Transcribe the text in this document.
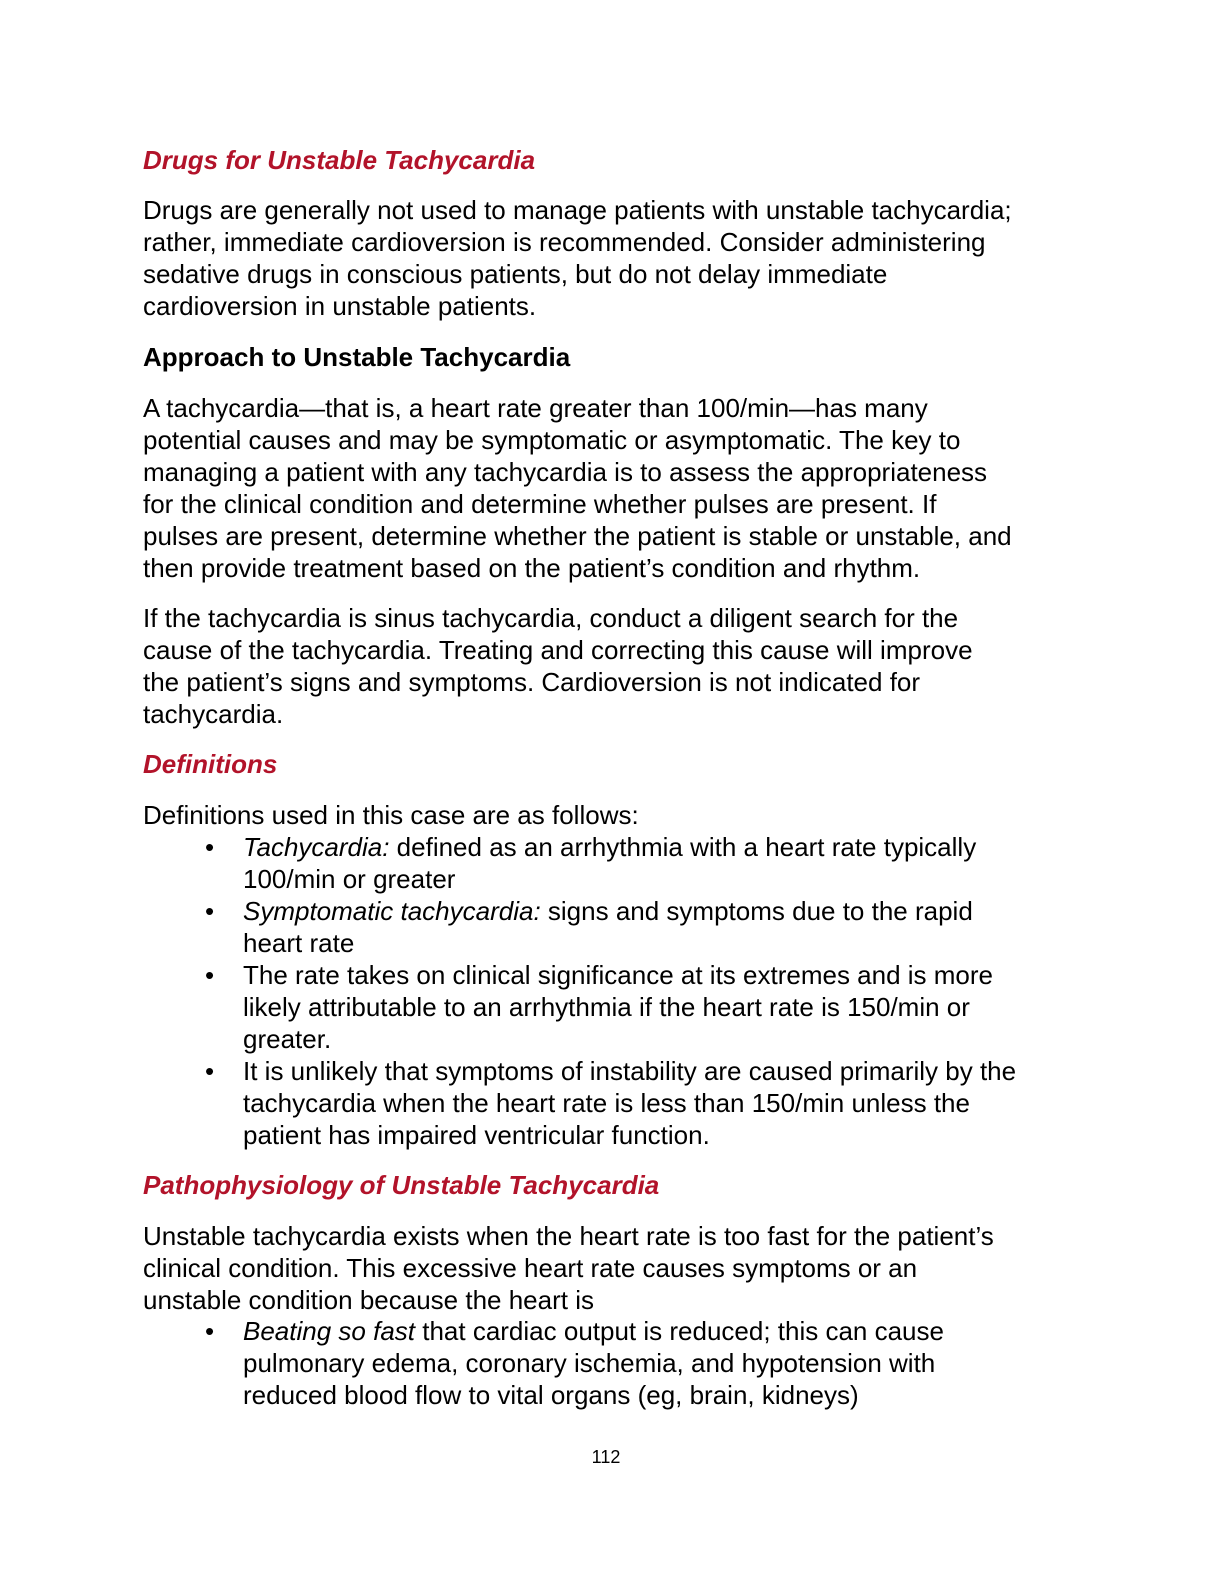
Drugs for Unstable Tachycardia
Drugs are generally not used to manage patients with unstable tachycardia;
rather, immediate cardioversion is recommended. Consider administering
sedative drugs in conscious patients, but do not delay immediate
cardioversion in unstable patients.
Approach to Unstable Tachycardia
A tachycardia—that is, a heart rate greater than 100/min—has many
potential causes and may be symptomatic or asymptomatic. The key to
managing a patient with any tachycardia is to assess the appropriateness
for the clinical condition and determine whether pulses are present. If
pulses are present, determine whether the patient is stable or unstable, and
then provide treatment based on the patient’s condition and rhythm.
If the tachycardia is sinus tachycardia, conduct a diligent search for the
cause of the tachycardia. Treating and correcting this cause will improve
the patient’s signs and symptoms. Cardioversion is not indicated for
tachycardia.
Definitions
Definitions used in this case are as follows:
• Tachycardia: defined as an arrhythmia with a heart rate typically
100/min or greater
• Symptomatic tachycardia: signs and symptoms due to the rapid
heart rate
• The rate takes on clinical significance at its extremes and is more
likely attributable to an arrhythmia if the heart rate is 150/min or
greater.
• It is unlikely that symptoms of instability are caused primarily by the
tachycardia when the heart rate is less than 150/min unless the
patient has impaired ventricular function.
Pathophysiology of Unstable Tachycardia
Unstable tachycardia exists when the heart rate is too fast for the patient’s
clinical condition. This excessive heart rate causes symptoms or an
unstable condition because the heart is
• Beating so fast that cardiac output is reduced; this can cause
pulmonary edema, coronary ischemia, and hypotension with
reduced blood flow to vital organs (eg, brain, kidneys)
112
